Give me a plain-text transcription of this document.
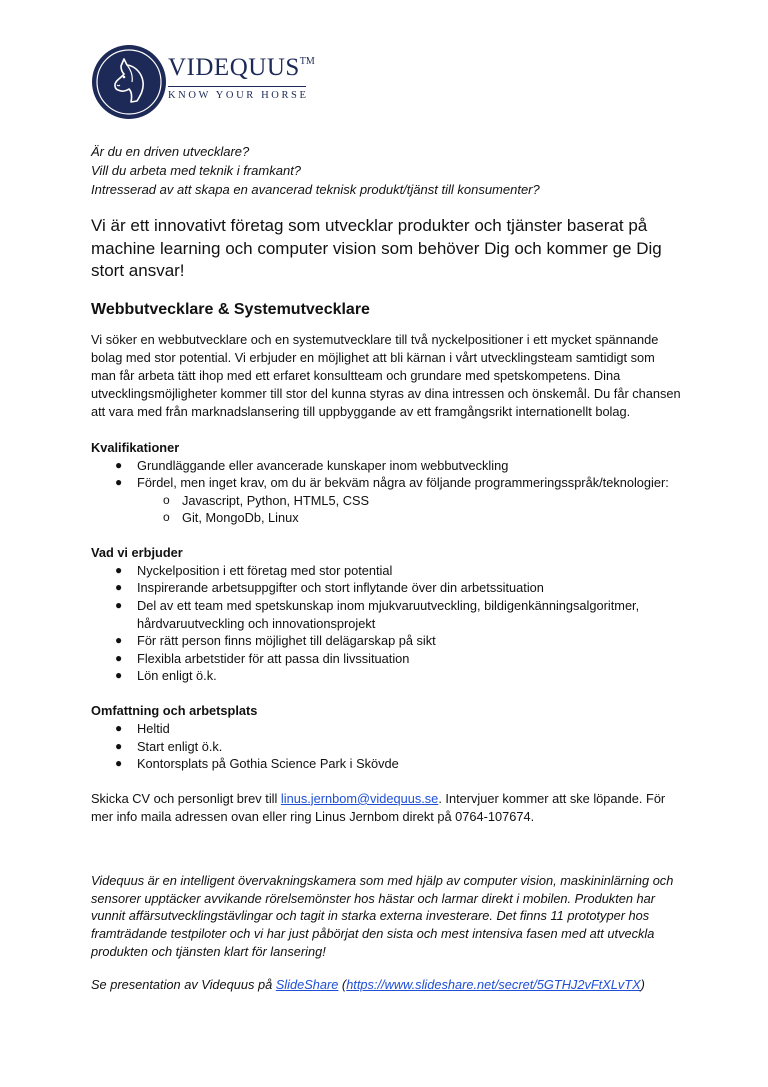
VIDEQUUS™
KNOW YOUR HORSE

Är du en driven utvecklare?

Vill du arbeta med teknik i framkant?

Intresserad av att skapa en avancerad teknisk produkt/tjänst till konsumenter?

Vi är ett innovativt företag som utvecklar produkter och tjänster baserat på machine learning och computer vision som behöver Dig och kommer ge Dig stort ansvar!
Webbutvecklare & Systemutvecklare
Vi söker en webbutvecklare och en systemutvecklare till två nyckelpositioner i ett mycket spännande bolag med stor potential. Vi erbjuder en möjlighet att bli kärnan i vårt utvecklingsteam samtidigt som man får arbeta tätt ihop med ett erfaret konsultteam och grundare med spetskompetens. Dina utvecklingsmöjligheter kommer till stor del kunna styras av dina intressen och önskemål. Du får chansen att vara med från marknadslansering till uppbyggande av ett framgångsrikt internationellt bolag.
Kvalifikationer
● Grundläggande eller avancerade kunskaper inom webbutveckling
● Fördel, men inget krav, om du är bekväm några av följande programmeringsspråk/teknologier:
o Javascript, Python, HTML5, CSS
o Git, MongoDb, Linux
Vad vi erbjuder
● Nyckelposition i ett företag med stor potential
● Inspirerande arbetsuppgifter och stort inflytande över din arbetssituation
● Del av ett team med spetskunskap inom mjukvaruutveckling, bildigenkänningsalgoritmer, hårdvaruutveckling och innovationsprojekt
● För rätt person finns möjlighet till delägarskap på sikt
● Flexibla arbetstider för att passa din livssituation
● Lön enligt ö.k.
Omfattning och arbetsplats
● Heltid
● Start enligt ö.k.
● Kontorsplats på Gothia Science Park i Skövde
Skicka CV och personligt brev till linus.jernbom@videquus.se. Intervjuer kommer att ske löpande. För mer info maila adressen ovan eller ring Linus Jernbom direkt på 0764-107674.
Videquus är en intelligent övervakningskamera som med hjälp av computer vision, maskininlärning och sensorer upptäcker avvikande rörelsemönster hos hästar och larmar direkt i mobilen. Produkten har vunnit affärsutvecklingstävlingar och tagit in starka externa investerare. Det finns 11 prototyper hos framträdande testpiloter och vi har just påbörjat den sista och mest intensiva fasen med att utveckla produkten och tjänsten klart för lansering!
Se presentation av Videquus på SlideShare (https://www.slideshare.net/secret/5GTHJ2vFtXLvTX)
